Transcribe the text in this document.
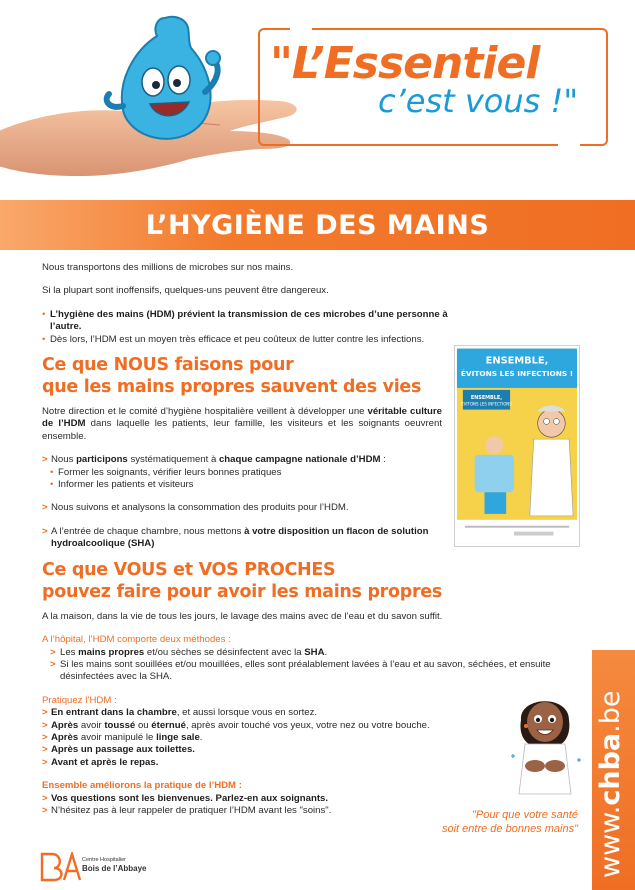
"L’Essentiel
c’est vous !"
L’HYGIÈNE DES MAINS
Nous transportons des millions de microbes sur nos mains.
Si la plupart sont inoffensifs, quelques-uns peuvent être dangereux.
• L’hygiène des mains (HDM) prévient la transmission de ces microbes d’une personne à l’autre.
• Dès lors, l’HDM est un moyen très efficace et peu coûteux de lutter contre les infections.
Ce que NOUS faisons pour
que les mains propres sauvent des vies
Notre direction et le comité d’hygiène hospitalière veillent à développer une véritable culture de l’HDM dans laquelle les patients, leur famille, les visiteurs et les soignants oeuvrent ensemble.
> Nous participons systématiquement à chaque campagne nationale d’HDM :
• Former les soignants, vérifier leurs bonnes pratiques
• Informer les patients et visiteurs
> Nous suivons et analysons la consommation des produits pour l’HDM.
> A l’entrée de chaque chambre, nous mettons à votre disposition un flacon de solution hydroalcoolique (SHA)
Ce que VOUS et VOS PROCHES
pouvez faire pour avoir les mains propres
A la maison, dans la vie de tous les jours, le lavage des mains avec de l’eau et du savon suffit.
A l’hôpital, l’HDM comporte deux méthodes :
> Les mains propres et/ou sèches se désinfectent avec la SHA.
> Si les mains sont souillées et/ou mouillées, elles sont préalablement lavées à l’eau et au savon, séchées, et ensuite désinfectées avec la SHA.
Pratiquez l’HDM :
> En entrant dans la chambre, et aussi lorsque vous en sortez.
> Après avoir toussé ou éternué, après avoir touché vos yeux, votre nez ou votre bouche.
> Après avoir manipulé le linge sale.
> Après un passage aux toilettes.
> Avant et après le repas.
Ensemble améliorons la pratique de l’HDM :
> Vos questions sont les bienvenues. Parlez-en aux soignants.
> N’hésitez pas à leur rappeler de pratiquer l’HDM avant les "soins".
ENSEMBLE,
ÉVITONS LES INFECTIONS !
ENSEMBLE,
ÉVITONS LES INFECTIONS
"Pour que votre santé
soit entre de bonnes mains" www.chba.be
Centre Hospitalier
Bois de l’Abbaye
